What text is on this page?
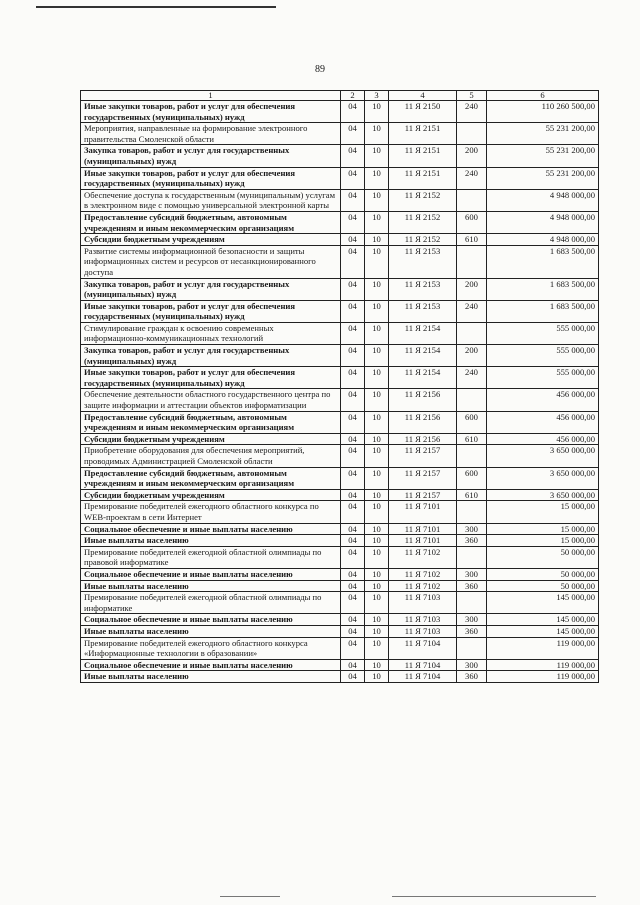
89
1	2	3	4	5	6
Иные закупки товаров, работ и услуг для обеспечения государственных (муниципальных) нужд	04	10	11 Я 2150	240	110 260 500,00
Мероприятия, направленные на формирование электронного правительства Смоленской области	04	10	11 Я 2151		55 231 200,00
Закупка товаров, работ и услуг для государственных (муниципальных) нужд	04	10	11 Я 2151	200	55 231 200,00
Иные закупки товаров, работ и услуг для обеспечения государственных (муниципальных) нужд	04	10	11 Я 2151	240	55 231 200,00
Обеспечение доступа к государственным (муниципальным) услугам в электронном виде с помощью универсальной электронной карты	04	10	11 Я 2152		4 948 000,00
Предоставление субсидий бюджетным, автономным учреждениям и иным некоммерческим организациям	04	10	11 Я 2152	600	4 948 000,00
Субсидии бюджетным учреждениям	04	10	11 Я 2152	610	4 948 000,00
Развитие системы информационной безопасности и защиты информационных систем и ресурсов от несанкционированного доступа	04	10	11 Я 2153		1 683 500,00
Закупка товаров, работ и услуг для государственных (муниципальных) нужд	04	10	11 Я 2153	200	1 683 500,00
Иные закупки товаров, работ и услуг для обеспечения государственных (муниципальных) нужд	04	10	11 Я 2153	240	1 683 500,00
Стимулирование граждан к освоению современных информационно-коммуникационных технологий	04	10	11 Я 2154		555 000,00
Закупка товаров, работ и услуг для государственных (муниципальных) нужд	04	10	11 Я 2154	200	555 000,00
Иные закупки товаров, работ и услуг для обеспечения государственных (муниципальных) нужд	04	10	11 Я 2154	240	555 000,00
Обеспечение деятельности областного государственного центра по защите информации и аттестации объектов информатизации	04	10	11 Я 2156		456 000,00
Предоставление субсидий бюджетным, автономным учреждениям и иным некоммерческим организациям	04	10	11 Я 2156	600	456 000,00
Субсидии бюджетным учреждениям	04	10	11 Я 2156	610	456 000,00
Приобретение оборудования для обеспечения мероприятий, проводимых Администрацией Смоленской области	04	10	11 Я 2157		3 650 000,00
Предоставление субсидий бюджетным, автономным учреждениям и иным некоммерческим организациям	04	10	11 Я 2157	600	3 650 000,00
Субсидии бюджетным учреждениям	04	10	11 Я 2157	610	3 650 000,00
Премирование победителей ежегодного областного конкурса по WEB-проектам в сети Интернет	04	10	11 Я 7101		15 000,00
Социальное обеспечение и иные выплаты населению	04	10	11 Я 7101	300	15 000,00
Иные выплаты населению	04	10	11 Я 7101	360	15 000,00
Премирование победителей ежегодной областной олимпиады по правовой информатике	04	10	11 Я 7102		50 000,00
Социальное обеспечение и иные выплаты населению	04	10	11 Я 7102	300	50 000,00
Иные выплаты населению	04	10	11 Я 7102	360	50 000,00
Премирование победителей ежегодной областной олимпиады по информатике	04	10	11 Я 7103		145 000,00
Социальное обеспечение и иные выплаты населению	04	10	11 Я 7103	300	145 000,00
Иные выплаты населению	04	10	11 Я 7103	360	145 000,00
Премирование победителей ежегодного областного конкурса «Информационные технологии в образовании»	04	10	11 Я 7104		119 000,00
Социальное обеспечение и иные выплаты населению	04	10	11 Я 7104	300	119 000,00
Иные выплаты населению	04	10	11 Я 7104	360	119 000,00
